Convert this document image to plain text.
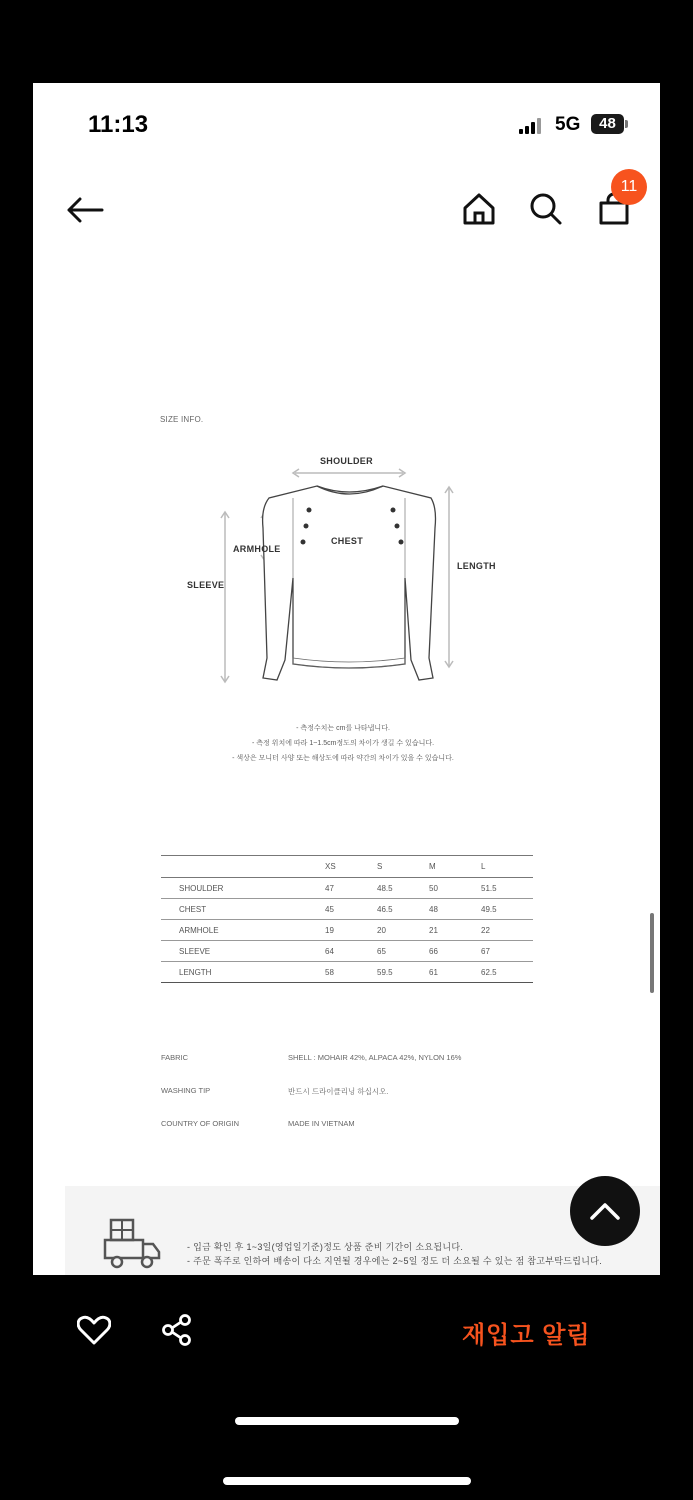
11:13	5G	48
11
SIZE INFO.
SHOULDER
CHEST
ARMHOLE
SLEEVE
LENGTH
- 측정수치는 cm를 나타냅니다.
- 측정 위치에 따라 1~1.5cm정도의 차이가 생길 수 있습니다.
- 색상은 모니터 사양 또는 해상도에 따라 약간의 차이가 있을 수 있습니다.
	XS	S	M	L
SHOULDER	47	48.5	50	51.5
CHEST	45	46.5	48	49.5
ARMHOLE	19	20	21	22
SLEEVE	64	65	66	67
LENGTH	58	59.5	61	62.5
FABRIC	SHELL : MOHAIR 42%, ALPACA 42%, NYLON 16%
WASHING TIP	반드시 드라이클리닝 하십시오.
COUNTRY OF ORIGIN	MADE IN VIETNAM
- 입금 확인 후 1~3일(영업일기준)정도 상품 준비 기간이 소요됩니다.
- 주문 폭주로 인하여 배송이 다소 지연될 경우에는 2~5일 정도 더 소요될 수 있는 점 참고부탁드립니다.
재입고 알림
